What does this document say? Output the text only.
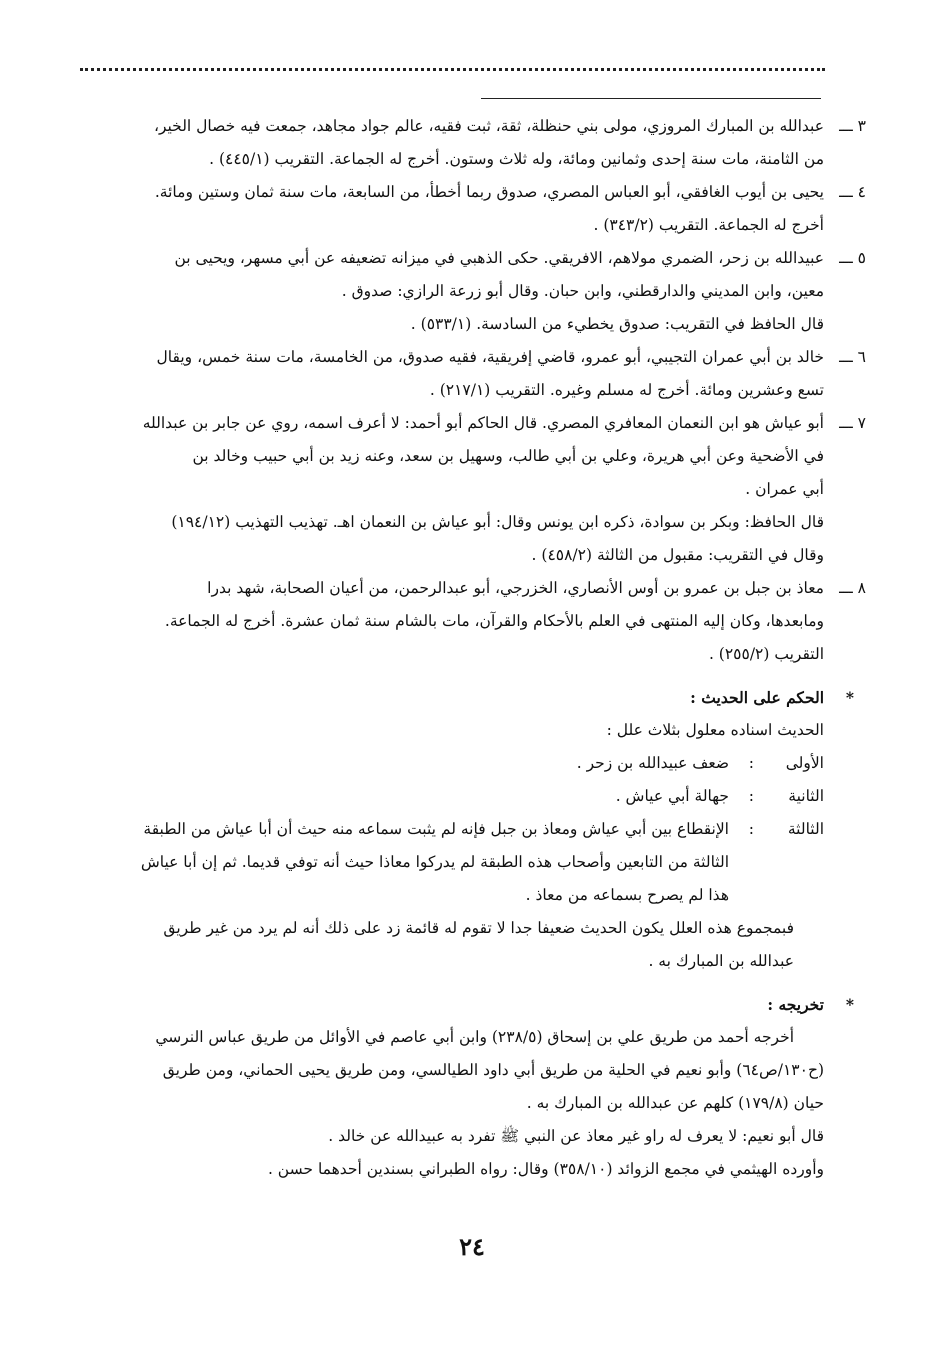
٣ ـــ
عبدالله بن المبارك المروزي، مولى بني حنظلة، ثقة، ثبت فقيه، عالم جواد مجاهد، جمعت فيه خصال الخير،
من الثامنة، مات سنة إحدى وثمانين ومائة، وله ثلاث وستون. أخرج له الجماعة. التقريب (٤٤٥/١) .
٤ ـــ
يحيى بن أيوب الغافقي، أبو العباس المصري، صدوق ربما أخطأ، من السابعة، مات سنة ثمان وستين ومائة.
أخرج له الجماعة. التقريب (٣٤٣/٢) .
٥ ـــ
عبيدالله بن زحر، الضمري مولاهم، الافريقي. حكى الذهبي في ميزانه تضعيفه عن أبي مسهر، ويحيى بن
معين، وابن المديني والدارقطني، وابن حبان. وقال أبو زرعة الرازي: صدوق .
قال الحافظ في التقريب: صدوق يخطيء من السادسة. (٥٣٣/١) .
٦ ـــ
خالد بن أبي عمران التجيبي، أبو عمرو، قاضي إفريقية، فقيه صدوق، من الخامسة، مات سنة خمس، ويقال
تسع وعشرين ومائة. أخرج له مسلم وغيره. التقريب (٢١٧/١) .
٧ ـــ
أبو عياش هو ابن النعمان المعافري المصري. قال الحاكم أبو أحمد: لا أعرف اسمه، روي عن جابر بن عبدالله
في الأضحية وعن أبي هريرة، وعلي بن أبي طالب، وسهيل بن سعد، وعنه زيد بن أبي حبيب وخالد بن
أبي عمران .
قال الحافظ: وبكر بن سوادة، ذكره ابن يونس وقال: أبو عياش بن النعمان اهـ. تهذيب التهذيب (١٩٤/١٢)
وقال في التقريب: مقبول من الثالثة (٤٥٨/٢) .
٨ ـــ
معاذ بن جبل بن عمرو بن أوس الأنصاري، الخزرجي، أبو عبدالرحمن، من أعيان الصحابة، شهد بدرا
ومابعدها، وكان إليه المنتهى في العلم بالأحكام والقرآن، مات بالشام سنة ثمان عشرة. أخرج له الجماعة.
التقريب (٢٥٥/٢) .
*
الحكم على الحديث :
الحديث اسناده معلول بثلاث علل :
الأولى
:
ضعف عبيدالله بن زحر .
الثانية
:
جهالة أبي عياش .
الثالثة
:
الإنقطاع بين أبي عياش ومعاذ بن جبل فإنه لم يثبت سماعه منه حيث أن أبا عياش من الطبقة
الثالثة من التابعين وأصحاب هذه الطبقة لم يدركوا معاذا حيث أنه توفي قديما. ثم إن أبا عياش
هذا لم يصرح بسماعه من معاذ .
فبمجموع هذه العلل يكون الحديث ضعيفا جدا لا تقوم له قائمة زد على ذلك أنه لم يرد من غير طريق
عبدالله بن المبارك به .
*
تخريجه :
أخرجه أحمد من طريق علي بن إسحاق (٢٣٨/٥) وابن أبي عاصم في الأوائل من طريق عباس النرسي
(ح١٣٠/ص٦٤) وأبو نعيم في الحلية من طريق أبي داود الطيالسي، ومن طريق يحيى الحماني، ومن طريق
حيان (١٧٩/٨) كلهم عن عبدالله بن المبارك به .
قال أبو نعيم: لا يعرف له راو غير معاذ عن النبي ﷺ تفرد به عبيدالله عن خالد .
وأورده الهيثمي في مجمع الزوائد (٣٥٨/١٠) وقال: رواه الطبراني بسندين أحدهما حسن .
٢٤
